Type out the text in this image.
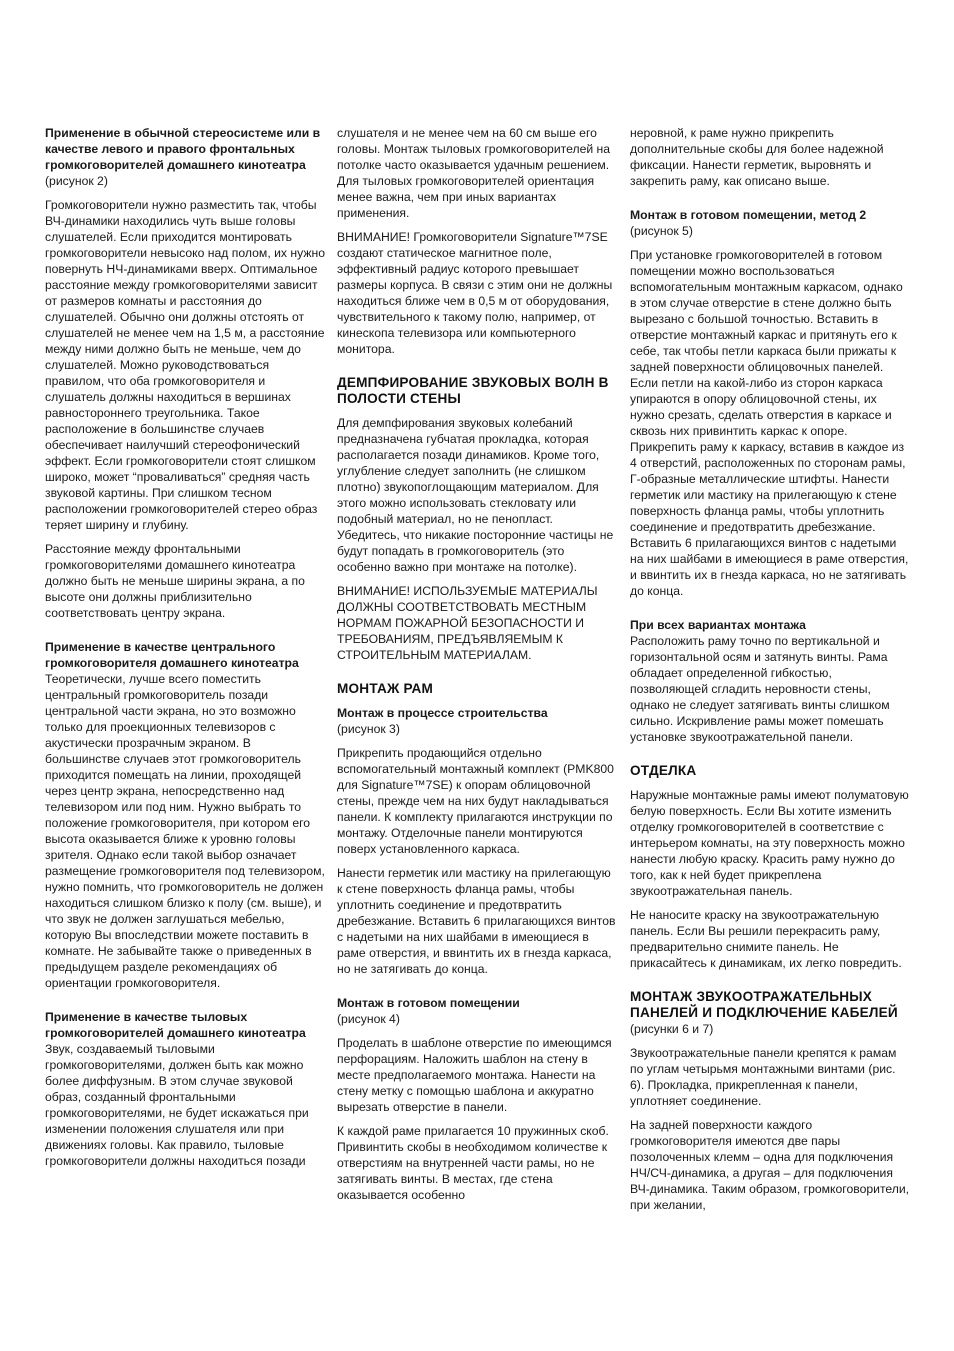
Применение в обычной стереосистеме или в качестве левого и правого фронтальных громкоговорителей домашнего кинотеатра

(рисунок 2)

Громкоговорители нужно разместить так, чтобы ВЧ-динамики находились чуть выше головы слушателей. Если приходится монтировать громкоговорители невысоко над полом, их нужно повернуть НЧ-динамиками вверх. Оптимальное расстояние между громкоговорителями зависит от размеров комнаты и расстояния до слушателей. Обычно они должны отстоять от слушателей не менее чем на 1,5 м, а расстояние между ними должно быть не меньше, чем до слушателей. Можно руководствоваться правилом, что оба громкоговорителя и слушатель должны находиться в вершинах равностороннего треугольника. Такое расположение в большинстве случаев обеспечивает наилучший стереофонический эффект. Если громкоговорители стоят слишком широко, может “проваливаться” средняя часть звуковой картины. При слишком тесном расположении громкоговорителей стерео образ теряет ширину и глубину.

Расстояние между фронтальными громкоговорителями домашнего кинотеатра должно быть не меньше ширины экрана, а по высоте они должны приблизительно соответствовать центру экрана.

Применение в качестве центрального громкоговорителя домашнего кинотеатра

Теоретически, лучше всего поместить центральный громкоговоритель позади центральной части экрана, но это возможно только для проекционных телевизоров с акустически прозрачным экраном. В большинстве случаев этот громкоговоритель приходится помещать на линии, проходящей через центр экрана, непосредственно над телевизором или под ним. Нужно выбрать то положение громкоговорителя, при котором его высота оказывается ближе к уровню головы зрителя. Однако если такой выбор означает размещение громкоговорителя под телевизором, нужно помнить, что громкоговоритель не должен находиться слишком близко к полу (см. выше), и что звук не должен заглушаться мебелью, которую Вы впоследствии можете поставить в комнате. Не забывайте также о приведенных в предыдущем разделе рекомендациях об ориентации громкоговорителя.

Применение в качестве тыловых громкоговорителей домашнего кинотеатра

Звук, создаваемый тыловыми громкоговорителями, должен быть как можно более диффузным. В этом случае звуковой образ, созданный фронтальными громкоговорителями, не будет искажаться при изменении положения слушателя или при движениях головы. Как правило, тыловые громкоговорители должны находиться позади

слушателя и не менее чем на 60 см выше его головы. Монтаж тыловых громкоговорителей на потолке часто оказывается удачным решением. Для тыловых громкоговорителей ориентация менее важна, чем при иных вариантах применения.

ВНИМАНИЕ! Громкоговорители Signature™7SE создают статическое магнитное поле, эффективный радиус которого превышает размеры корпуса. В связи с этим они не должны находиться ближе чем в 0,5 м от оборудования, чувствительного к такому полю, например, от кинескопа телевизора или компьютерного монитора.

ДЕМПФИРОВАНИЕ ЗВУКОВЫХ ВОЛН В ПОЛОСТИ СТЕНЫ

Для демпфирования звуковых колебаний предназначена губчатая прокладка, которая располагается позади динамиков. Кроме того, углубление следует заполнить (не слишком плотно) звукопоглощающим материалом. Для этого можно использовать стекловату или подобный материал, но не пенопласт. Убедитесь, что никакие посторонние частицы не будут попадать в громкоговоритель (это особенно важно при монтаже на потолке).

ВНИМАНИЕ! ИСПОЛЬЗУЕМЫЕ МАТЕРИАЛЫ ДОЛЖНЫ СООТВЕТСТВОВАТЬ МЕСТНЫМ НОРМАМ ПОЖАРНОЙ БЕЗОПАСНОСТИ И ТРЕБОВАНИЯМ, ПРЕДЪЯВЛЯЕМЫМ К СТРОИТЕЛЬНЫМ МАТЕРИАЛАМ.

МОНТАЖ РАМ

Монтаж в процессе строительства

(рисунок 3)

Прикрепить продающийся отдельно вспомогательный монтажный комплект (PMK800 для Signature™7SE) к опорам облицовочной стены, прежде чем на них будут накладываться панели. К комплекту прилагаются инструкции по монтажу. Отделочные панели монтируются поверх установленного каркаса.

Нанести герметик или мастику на прилегающую к стене поверхность фланца рамы, чтобы уплотнить соединение и предотвратить дребезжание. Вставить 6 прилагающихся винтов с надетыми на них шайбами в имеющиеся в раме отверстия, и ввинтить их в гнезда каркаса, но не затягивать до конца.

Монтаж в готовом помещении

(рисунок 4)

Проделать в шаблоне отверстие по имеющимся перфорациям. Наложить шаблон на стену в месте предполагаемого монтажа. Нанести на стену метку с помощью шаблона и аккуратно вырезать отверстие в панели.

К каждой раме прилагается 10 пружинных скоб. Привинтить скобы в необходимом количестве к отверстиям на внутренней части рамы, но не затягивать винты. В местах, где стена оказывается особенно

неровной, к раме нужно прикрепить дополнительные скобы для более надежной фиксации. Нанести герметик, выровнять и закрепить раму, как описано выше.

Монтаж в готовом помещении, метод 2

(рисунок 5)

При установке громкоговорителей в готовом помещении можно воспользоваться вспомогательным монтажным каркасом, однако в этом случае отверстие в стене должно быть вырезано с большой точностью. Вставить в отверстие монтажный каркас и притянуть его к себе, так чтобы петли каркаса были прижаты к задней поверхности облицовочных панелей. Если петли на какой-либо из сторон каркаса упираются в опору облицовочной стены, их нужно срезать, сделать отверстия в каркасе и сквозь них привинтить каркас к опоре. Прикрепить раму к каркасу, вставив в каждое из 4 отверстий, расположенных по сторонам рамы, Г-образные металлические штифты. Нанести герметик или мастику на прилегающую к стене поверхность фланца рамы, чтобы уплотнить соединение и предотвратить дребезжание. Вставить 6 прилагающихся винтов с надетыми на них шайбами в имеющиеся в раме отверстия, и ввинтить их в гнезда каркаса, но не затягивать до конца.

При всех вариантах монтажа

Расположить раму точно по вертикальной и горизонтальной осям и затянуть винты. Рама обладает определенной гибкостью, позволяющей сгладить неровности стены, однако не следует затягивать винты слишком сильно. Искривление рамы может помешать установке звукоотражательной панели.

ОТДЕЛКА

Наружные монтажные рамы имеют полуматовую белую поверхность. Если Вы хотите изменить отделку громкоговорителей в соответствие с интерьером комнаты, на эту поверхность можно нанести любую краску. Красить раму нужно до того, как к ней будет прикреплена звукоотражательная панель.

Не наносите краску на звукоотражательную панель. Если Вы решили перекрасить раму, предварительно снимите панель. Не прикасайтесь к динамикам, их легко повредить.

МОНТАЖ ЗВУКООТРАЖАТЕЛЬНЫХ ПАНЕЛЕЙ И ПОДКЛЮЧЕНИЕ КАБЕЛЕЙ

(рисунки 6 и 7)

Звукоотражательные панели крепятся к рамам по углам четырьмя монтажными винтами (рис. 6). Прокладка, прикрепленная к панели, уплотняет соединение.

На задней поверхности каждого громкоговорителя имеются две пары позолоченных клемм – одна для подключения НЧ/СЧ-динамика, а другая – для подключения ВЧ-динамика. Таким образом, громкоговорители, при желании,
